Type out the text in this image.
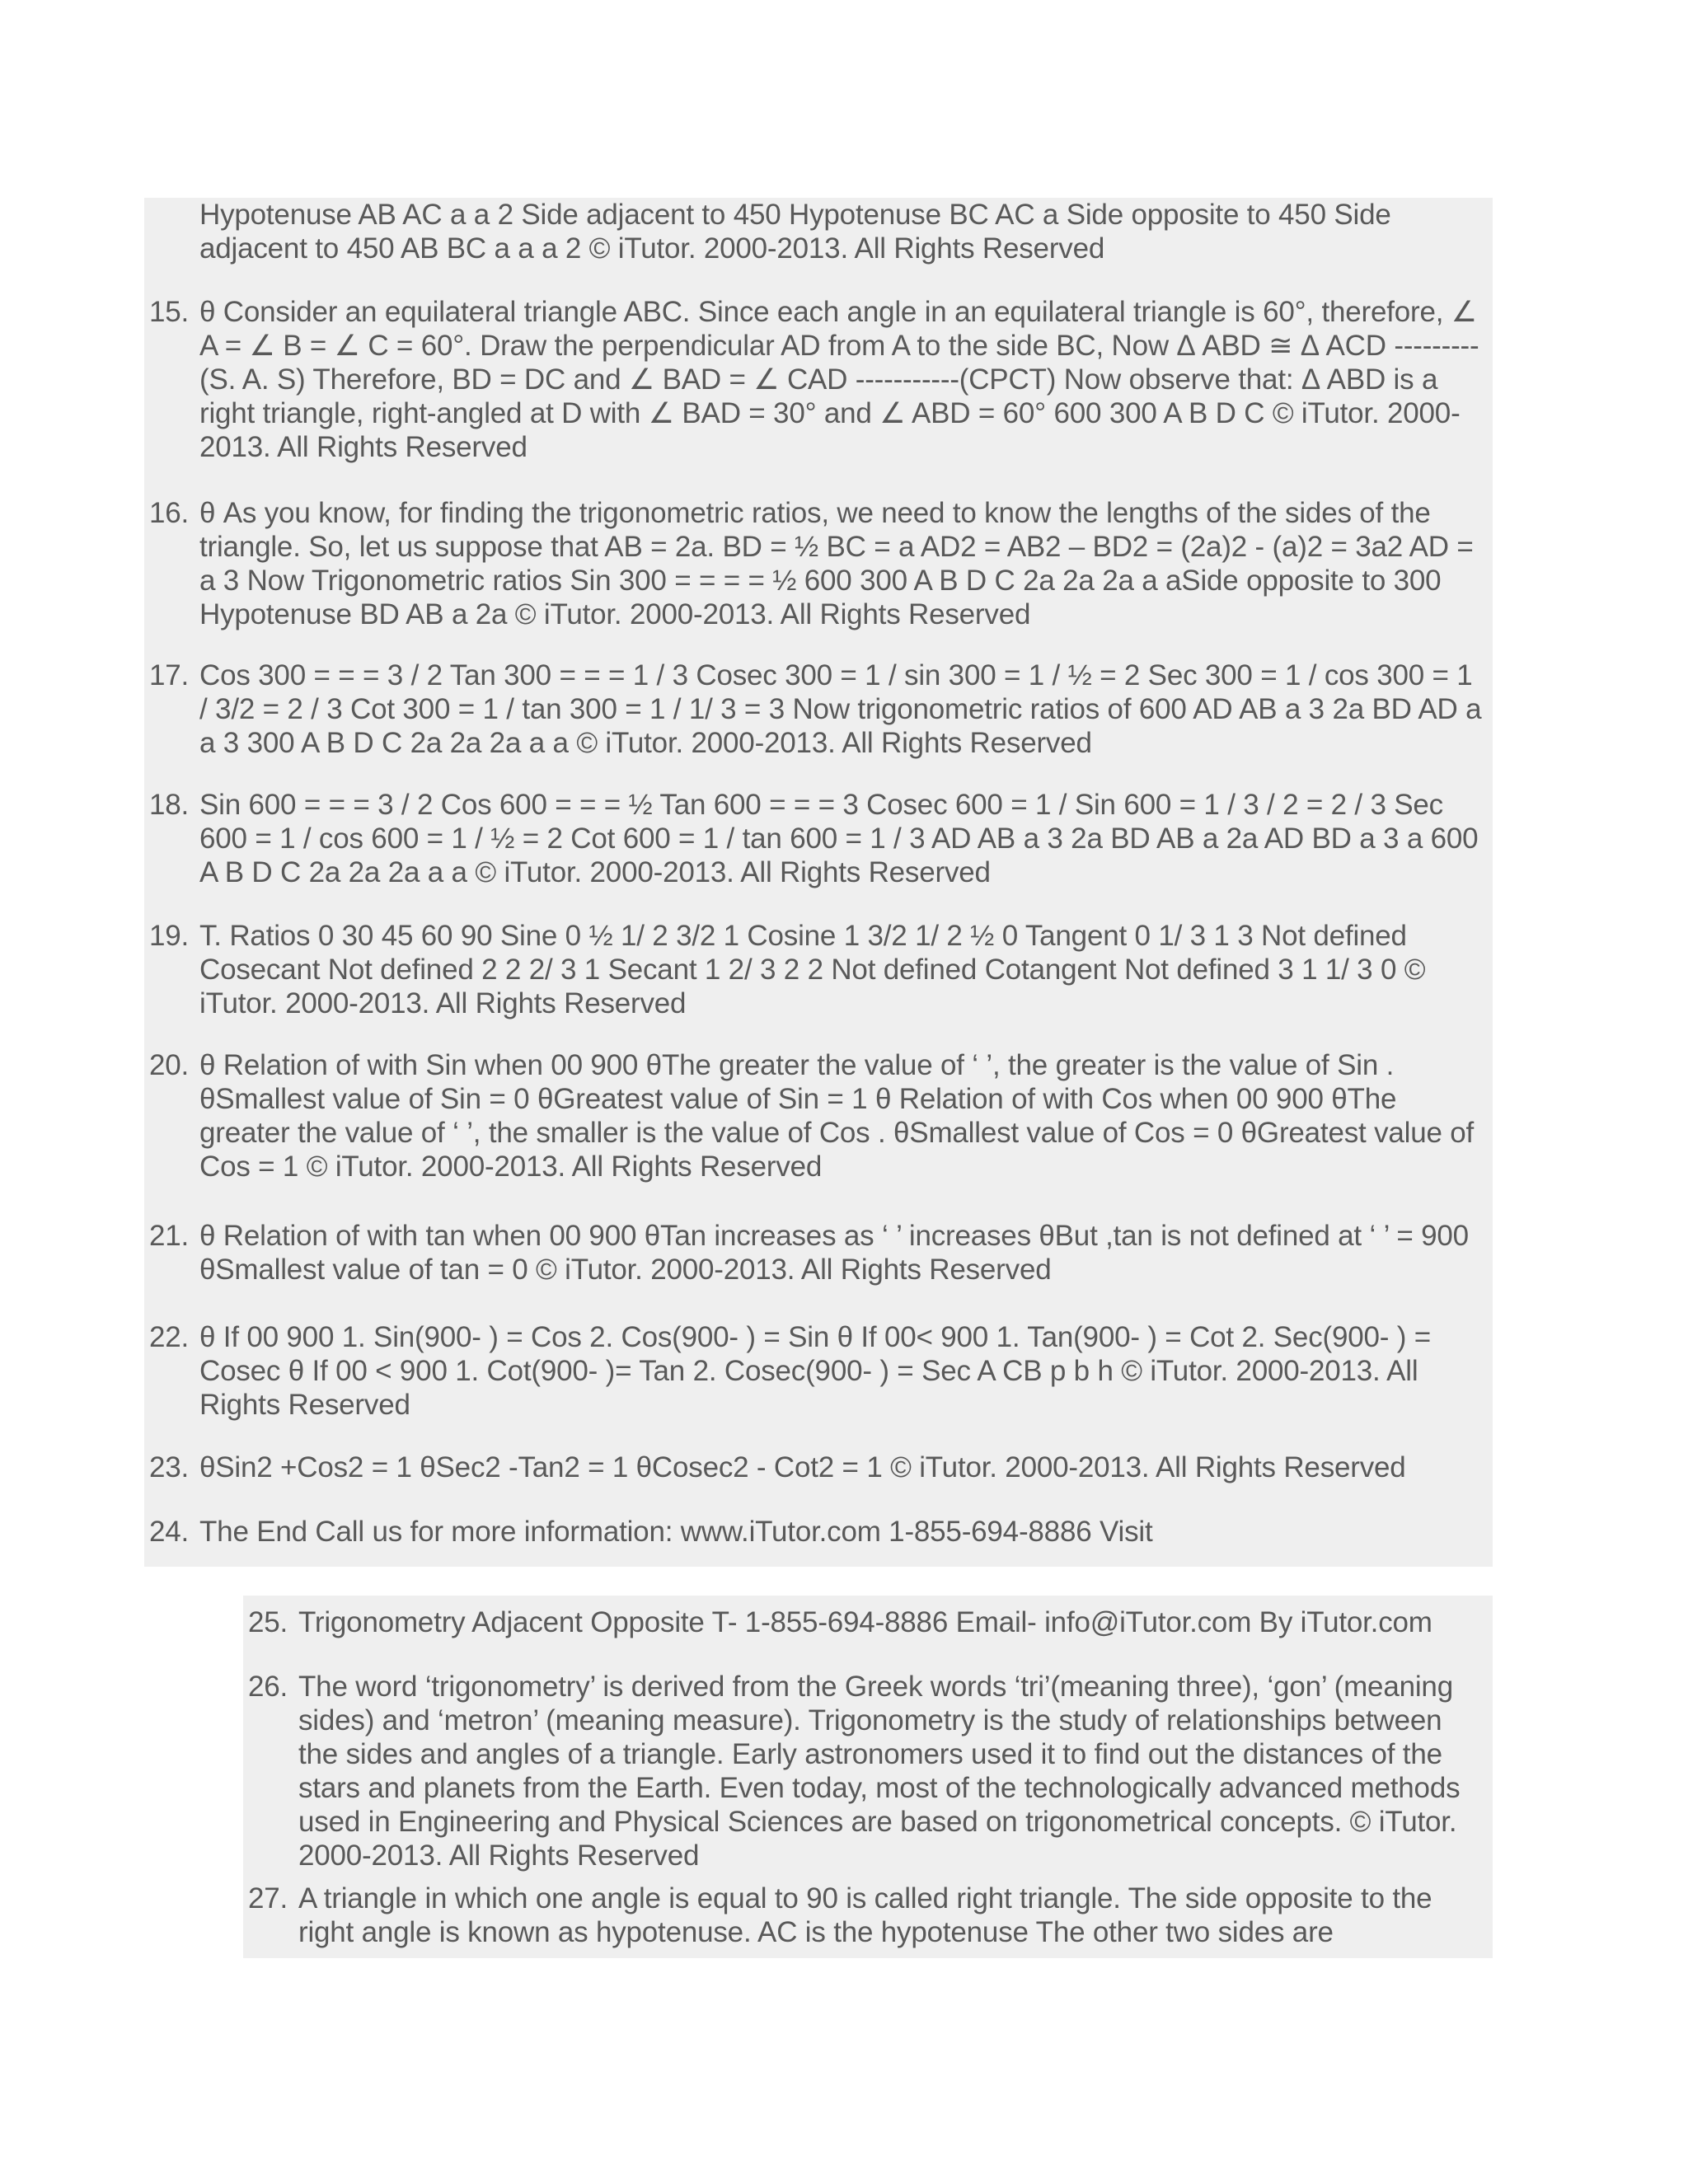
Hypotenuse AB AC a a 2 Side adjacent to 450 Hypotenuse BC AC a Side opposite to 450 Side adjacent to 450 AB BC a a a 2 © iTutor. 2000-2013. All Rights Reserved
15. θ Consider an equilateral triangle ABC. Since each angle in an equilateral triangle is 60°, therefore, ∠ A = ∠ B = ∠ C = 60°. Draw the perpendicular AD from A to the side BC, Now Δ ABD ≅ Δ ACD --------- (S. A. S) Therefore, BD = DC and ∠ BAD = ∠ CAD -----------(CPCT) Now observe that: Δ ABD is a right triangle, right-angled at D with ∠ BAD = 30° and ∠ ABD = 60° 600 300 A B D C © iTutor. 2000-2013. All Rights Reserved
16. θ As you know, for finding the trigonometric ratios, we need to know the lengths of the sides of the triangle. So, let us suppose that AB = 2a. BD = ½ BC = a AD2 = AB2 – BD2 = (2a)2 - (a)2 = 3a2 AD = a 3 Now Trigonometric ratios Sin 300 = = = = ½ 600 300 A B D C 2a 2a 2a a aSide opposite to 300 Hypotenuse BD AB a 2a © iTutor. 2000-2013. All Rights Reserved
17. Cos 300 = = = 3 / 2 Tan 300 = = = 1 / 3 Cosec 300 = 1 / sin 300 = 1 / ½ = 2 Sec 300 = 1 / cos 300 = 1 / 3/2 = 2 / 3 Cot 300 = 1 / tan 300 = 1 / 1/ 3 = 3 Now trigonometric ratios of 600 AD AB a 3 2a BD AD a a 3 300 A B D C 2a 2a 2a a a © iTutor. 2000-2013. All Rights Reserved
18. Sin 600 = = = 3 / 2 Cos 600 = = = ½ Tan 600 = = = 3 Cosec 600 = 1 / Sin 600 = 1 / 3 / 2 = 2 / 3 Sec 600 = 1 / cos 600 = 1 / ½ = 2 Cot 600 = 1 / tan 600 = 1 / 3 AD AB a 3 2a BD AB a 2a AD BD a 3 a 600 A B D C 2a 2a 2a a a © iTutor. 2000-2013. All Rights Reserved
19. T. Ratios 0 30 45 60 90 Sine 0 ½ 1/ 2 3/2 1 Cosine 1 3/2 1/ 2 ½ 0 Tangent 0 1/ 3 1 3 Not defined Cosecant Not defined 2 2 2/ 3 1 Secant 1 2/ 3 2 2 Not defined Cotangent Not defined 3 1 1/ 3 0 © iTutor. 2000-2013. All Rights Reserved
20. θ Relation of with Sin when 00 900 θThe greater the value of ‘ ’, the greater is the value of Sin . θSmallest value of Sin = 0 θGreatest value of Sin = 1 θ Relation of with Cos when 00 900 θThe greater the value of ‘ ’, the smaller is the value of Cos . θSmallest value of Cos = 0 θGreatest value of Cos = 1 © iTutor. 2000-2013. All Rights Reserved
21. θ Relation of with tan when 00 900 θTan increases as ‘ ’ increases θBut ,tan is not defined at ‘ ’ = 900 θSmallest value of tan = 0 © iTutor. 2000-2013. All Rights Reserved
22. θ If 00 900 1. Sin(900- ) = Cos 2. Cos(900- ) = Sin θ If 00< 900 1. Tan(900- ) = Cot 2. Sec(900- ) = Cosec θ If 00 < 900 1. Cot(900- )= Tan 2. Cosec(900- ) = Sec A CB p b h © iTutor. 2000-2013. All Rights Reserved
23. θSin2 +Cos2 = 1 θSec2 -Tan2 = 1 θCosec2 - Cot2 = 1 © iTutor. 2000-2013. All Rights Reserved
24. The End Call us for more information: www.iTutor.com 1-855-694-8886 Visit
25. Trigonometry Adjacent Opposite T- 1-855-694-8886 Email- info@iTutor.com By iTutor.com
26. The word ‘trigonometry’ is derived from the Greek words ‘tri’(meaning three), ‘gon’ (meaning sides) and ‘metron’ (meaning measure). Trigonometry is the study of relationships between the sides and angles of a triangle. Early astronomers used it to find out the distances of the stars and planets from the Earth. Even today, most of the technologically advanced methods used in Engineering and Physical Sciences are based on trigonometrical concepts. © iTutor. 2000-2013. All Rights Reserved
27. A triangle in which one angle is equal to 90 is called right triangle. The side opposite to the right angle is known as hypotenuse. AC is the hypotenuse The other two sides are
